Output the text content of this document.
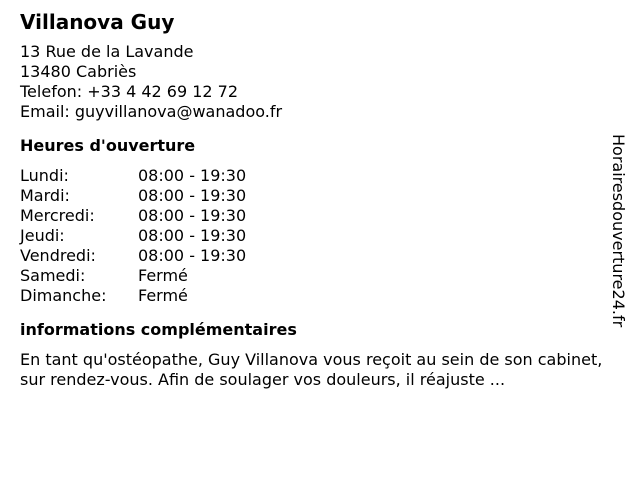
Villanova Guy
13 Rue de la Lavande
13480 Cabriès
Telefon: +33 4 42 69 12 72
Email: guyvillanova@wanadoo.fr
Heures d'ouverture
Lundi:	08:00 - 19:30
Mardi:	08:00 - 19:30
Mercredi:	08:00 - 19:30
Jeudi:	08:00 - 19:30
Vendredi:	08:00 - 19:30
Samedi:	Fermé
Dimanche:	Fermé
informations complémentaires
En tant qu'ostéopathe, Guy Villanova vous reçoit au sein de son cabinet, sur rendez-vous. Afin de soulager vos douleurs, il réajuste ...
Horairesdouverture24.fr
